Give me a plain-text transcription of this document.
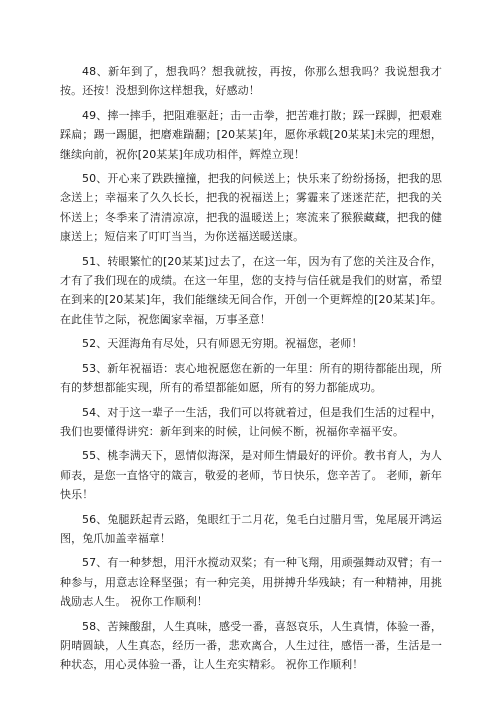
48、新年到了，想我吗？想我就按，再按，你那么想我吗？我说想我才按。还按！没想到你这样想我，好感动！

49、摔一摔手，把阻难驱赶；击一击拳，把苦难打散；踩一踩脚，把艰难踩扁；踢一踢腿，把磨难踹翻；[20某某]年，愿你承载[20某某]未完的理想，继续向前，祝你[20某某]年成功相伴，辉煌立现！

50、开心来了跌跌撞撞，把我的问候送上；快乐来了纷纷扬扬，把我的思念送上；幸福来了久久长长，把我的祝福送上；雾霾来了迷迷茫茫，把我的关怀送上；冬季来了清清凉凉，把我的温暖送上；寒流来了猴猴藏藏，把我的健康送上；短信来了叮叮当当，为你送福送暖送康。

51、转眼繁忙的[20某某]过去了，在这一年，因为有了您的关注及合作，才有了我们现在的成绩。在这一年里，您的支持与信任就是我们的财富，希望在到来的[20某某]年，我们能继续无间合作，开创一个更辉煌的[20某某]年。在此佳节之际，祝您阖家幸福，万事圣意！

52、天涯海角有尽处，只有师恩无穷期。祝福您，老师！

53、新年祝福语：衷心地祝愿您在新的一年里：所有的期待都能出现，所有的梦想都能实现，所有的希望都能如愿，所有的努力都能成功。

54、对于这一辈子一生活，我们可以将就着过，但是我们生活的过程中，我们也要懂得讲究：新年到来的时候，让问候不断，祝福你幸福平安。

55、桃李满天下，恩情似海深，是对师生情最好的评价。教书育人，为人师表，是您一直恪守的箴言，敬爱的老师，节日快乐，您辛苦了。 老师，新年快乐！

56、兔腿跃起青云路，兔眼红于二月花，兔毛白过腊月雪，兔尾展开鸿运图，兔爪加盖幸福章！

57、有一种梦想，用汗水搅动双桨；有一种飞翔，用顽强舞动双臂；有一种参与，用意志诠释坚强；有一种完美，用拼搏升华残缺；有一种精神，用挑战励志人生。 祝你工作顺利！

58、苦辣酸甜，人生真味，感受一番，喜怒哀乐，人生真情，体验一番，阴晴圆缺，人生真态，经历一番，悲欢离合，人生过往，感悟一番，生活是一种状态，用心灵体验一番，让人生充实精彩。 祝你工作顺利！
